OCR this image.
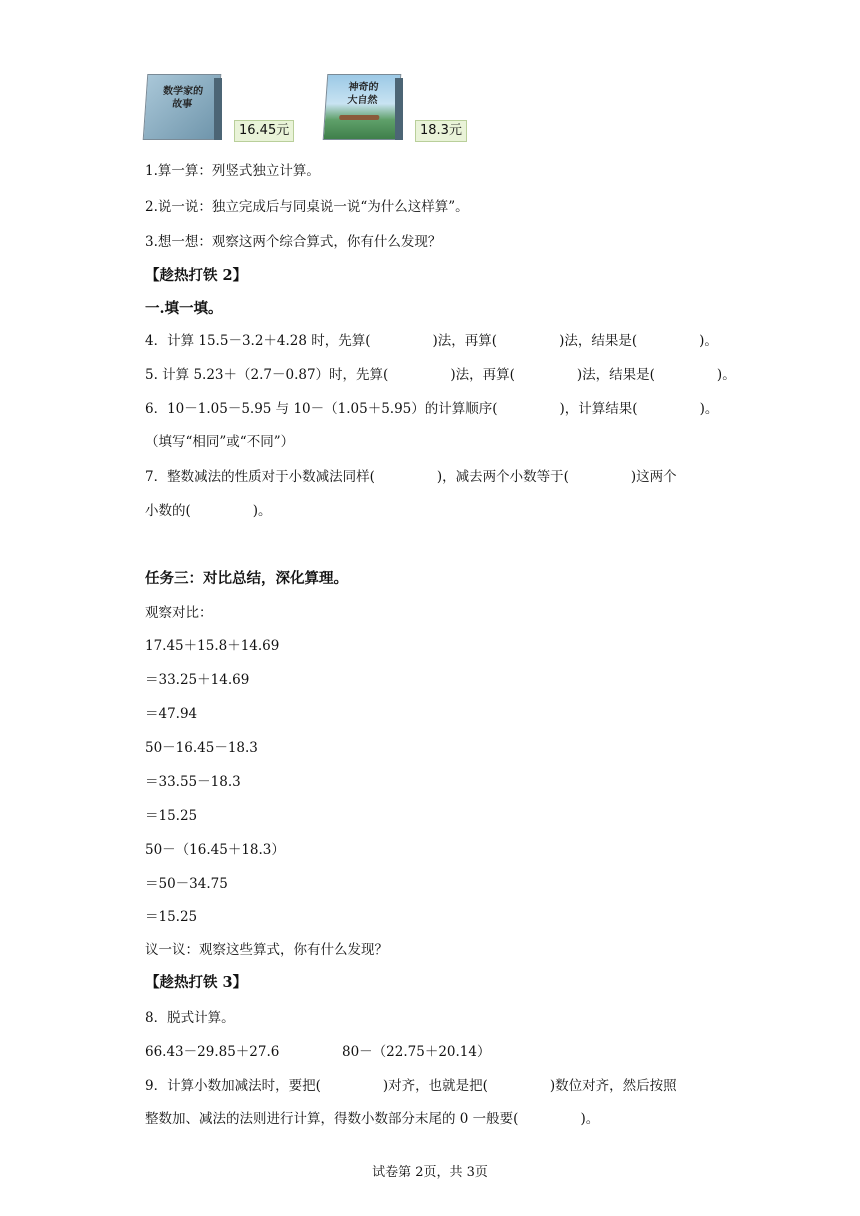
数学家的
故事
16.45元
神奇的
大自然
18.3元
1.算一算：列竖式独立计算。
2.说一说：独立完成后与同桌说一说“为什么这样算”。
3.想一想：观察这两个综合算式，你有什么发现？
【趁热打铁 2】
一.填一填。
4．计算 15.5－3.2＋4.28 时，先算(	)法，再算(	)法，结果是(	)。
5. 计算 5.23＋（2.7－0.87）时，先算(	)法，再算(	)法，结果是(	)。
6．10－1.05－5.95 与 10－（1.05＋5.95）的计算顺序(	)，计算结果(	)。
（填写“相同”或“不同”）
7．整数减法的性质对于小数减法同样(	)，减去两个小数等于(	)这两个
小数的(	)。
任务三：对比总结，深化算理。
观察对比：
17.45＋15.8＋14.69
＝33.25＋14.69
＝47.94
50－16.45－18.3
＝33.55－18.3
＝15.25
50－（16.45＋18.3）
＝50－34.75
＝15.25
议一议：观察这些算式，你有什么发现？
【趁热打铁 3】
8．脱式计算。
66.43－29.85＋27.6	80－（22.75＋20.14）
9．计算小数加减法时，要把(	)对齐，也就是把(	)数位对齐，然后按照
整数加、减法的法则进行计算，得数小数部分末尾的 0 一般要(	)。
试卷第 2页，共 3页
